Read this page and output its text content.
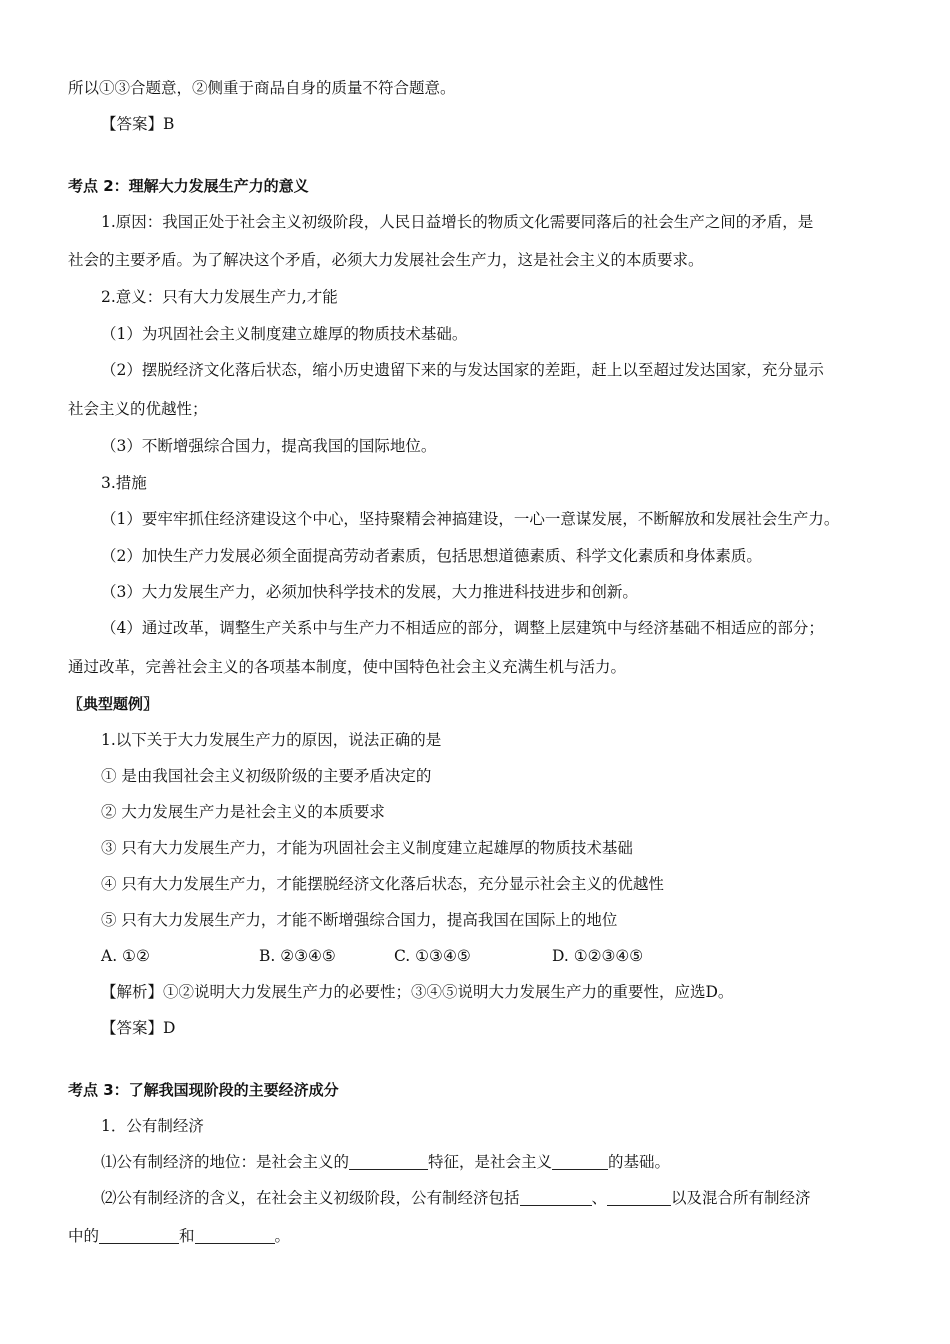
所以①③合题意，②侧重于商品自身的质量不符合题意。
【答案】B
考点 2：理解大力发展生产力的意义
1.原因：我国正处于社会主义初级阶段，人民日益增长的物质文化需要同落后的社会生产之间的矛盾，是
社会的主要矛盾。为了解决这个矛盾，必须大力发展社会生产力，这是社会主义的本质要求。
2.意义：只有大力发展生产力,才能
（1）为巩固社会主义制度建立雄厚的物质技术基础。
（2）摆脱经济文化落后状态，缩小历史遗留下来的与发达国家的差距，赶上以至超过发达国家，充分显示
社会主义的优越性；
（3）不断增强综合国力，提高我国的国际地位。
3.措施
（1）要牢牢抓住经济建设这个中心，坚持聚精会神搞建设，一心一意谋发展，不断解放和发展社会生产力。
（2）加快生产力发展必须全面提高劳动者素质，包括思想道德素质、科学文化素质和身体素质。
（3）大力发展生产力，必须加快科学技术的发展，大力推进科技进步和创新。
（4）通过改革，调整生产关系中与生产力不相适应的部分，调整上层建筑中与经济基础不相适应的部分；
通过改革，完善社会主义的各项基本制度，使中国特色社会主义充满生机与活力。
〖典型题例〗
1.以下关于大力发展生产力的原因，说法正确的是
① 是由我国社会主义初级阶级的主要矛盾决定的
② 大力发展生产力是社会主义的本质要求
③ 只有大力发展生产力，才能为巩固社会主义制度建立起雄厚的物质技术基础
④ 只有大力发展生产力，才能摆脱经济文化落后状态，充分显示社会主义的优越性
⑤ 只有大力发展生产力，才能不断增强综合国力，提高我国在国际上的地位
A. ①②	B. ②③④⑤	C. ①③④⑤	D. ①②③④⑤
【解析】①②说明大力发展生产力的必要性；③④⑤说明大力发展生产力的重要性，应选D。
【答案】D
考点 3：了解我国现阶段的主要经济成分
1．公有制经济
⑴公有制经济的地位：是社会主义的	特征，是社会主义	的基础。
⑵公有制经济的含义，在社会主义初级阶段，公有制经济包括	、	以及混合所有制经济
中的	和	。
